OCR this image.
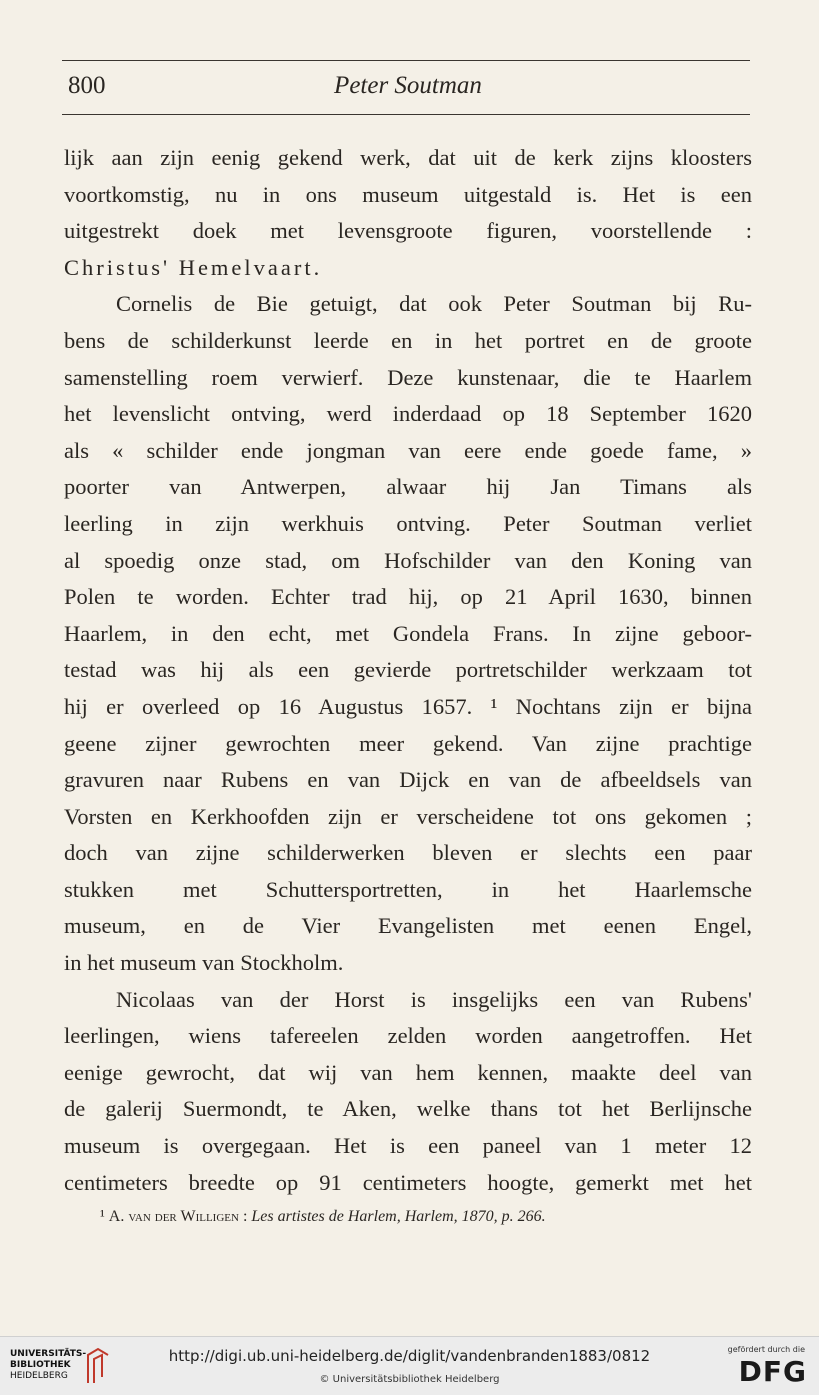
800	Peter Soutman
lijk aan zijn eenig gekend werk, dat uit de kerk zijns kloosters
voortkomstig, nu in ons museum uitgestald is. Het is een
uitgestrekt doek met levensgroote figuren, voorstellende :
Christus' Hemelvaart.
Cornelis de Bie getuigt, dat ook Peter Soutman bij Ru-
bens de schilderkunst leerde en in het portret en de groote
samenstelling roem verwierf. Deze kunstenaar, die te Haarlem
het levenslicht ontving, werd inderdaad op 18 September 1620
als « schilder ende jongman van eere ende goede fame, »
poorter van Antwerpen, alwaar hij Jan Timans als
leerling in zijn werkhuis ontving. Peter Soutman verliet
al spoedig onze stad, om Hofschilder van den Koning van
Polen te worden. Echter trad hij, op 21 April 1630, binnen
Haarlem, in den echt, met Gondela Frans. In zijne geboor-
testad was hij als een gevierde portretschilder werkzaam tot
hij er overleed op 16 Augustus 1657. ¹ Nochtans zijn er bijna
geene zijner gewrochten meer gekend. Van zijne prachtige
gravuren naar Rubens en van Dijck en van de afbeeldsels van
Vorsten en Kerkhoofden zijn er verscheidene tot ons gekomen ;
doch van zijne schilderwerken bleven er slechts een paar
stukken met Schuttersportretten, in het Haarlemsche
museum, en de Vier Evangelisten met eenen Engel,
in het museum van Stockholm.
Nicolaas van der Horst is insgelijks een van Rubens'
leerlingen, wiens tafereelen zelden worden aangetroffen. Het
eenige gewrocht, dat wij van hem kennen, maakte deel van
de galerij Suermondt, te Aken, welke thans tot het Berlijnsche
museum is overgegaan. Het is een paneel van 1 meter 12
centimeters breedte op 91 centimeters hoogte, gemerkt met het
¹ A. van der Willigen : Les artistes de Harlem, Harlem, 1870, p. 266.
UNIVERSITÄTS-
BIBLIOTHEK
HEIDELBERG
http://digi.ub.uni-heidelberg.de/diglit/vandenbranden1883/0812
© Universitätsbibliothek Heidelberg
gefördert durch die
DFG
